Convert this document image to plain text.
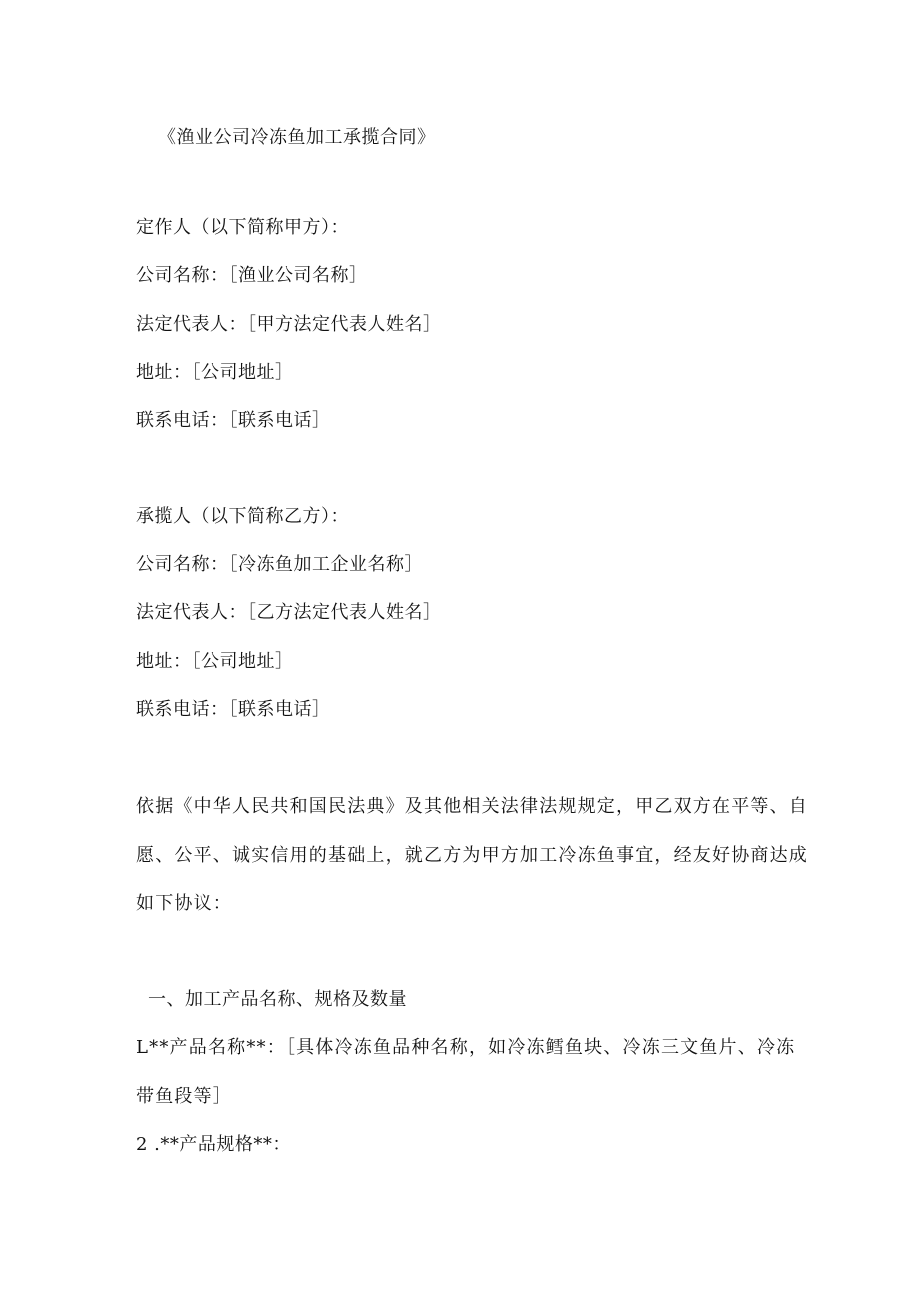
《渔业公司冷冻鱼加工承揽合同》
定作人（以下简称甲方）：
公司名称：［渔业公司名称］
法定代表人：［甲方法定代表人姓名］
地址：［公司地址］
联系电话：［联系电话］
承揽人（以下简称乙方）：
公司名称：［冷冻鱼加工企业名称］
法定代表人：［乙方法定代表人姓名］
地址：［公司地址］
联系电话：［联系电话］
依据《中华人民共和国民法典》及其他相关法律法规规定，甲乙双方在平等、自
愿、公平、诚实信用的基础上，就乙方为甲方加工冷冻鱼事宜，经友好协商达成
如下协议：
一、加工产品名称、规格及数量
L**产品名称**：［具体冷冻鱼品种名称，如冷冻鳕鱼块、冷冻三文鱼片、冷冻
带鱼段等］
2 .**产品规格**：
